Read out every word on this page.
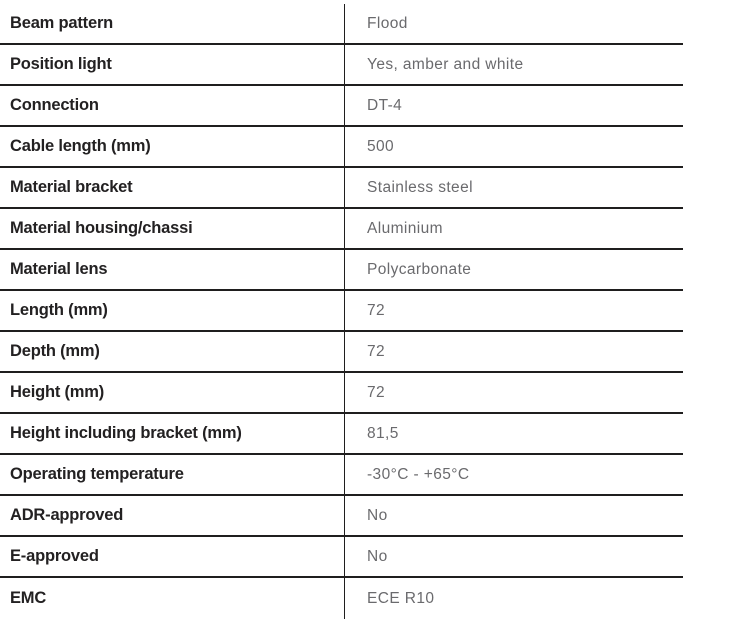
Beam pattern	Flood
Position light	Yes, amber and white
Connection	DT-4
Cable length (mm)	500
Material bracket	Stainless steel
Material housing/chassi	Aluminium
Material lens	Polycarbonate
Length (mm)	72
Depth (mm)	72
Height (mm)	72
Height including bracket (mm)	81,5
Operating temperature	-30°C - +65°C
ADR-approved	No
E-approved	No
EMC	ECE R10
